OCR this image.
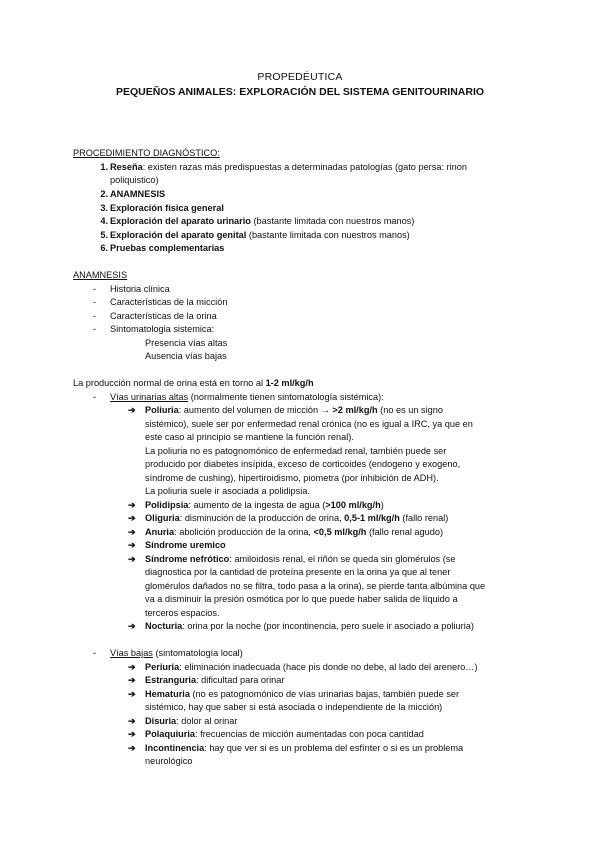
PROPEDÉUTICA
PEQUEÑOS ANIMALES: EXPLORACIÓN DEL SISTEMA GENITOURINARIO
PROCEDIMIENTO DIAGNÓSTICO:
1. Reseña: existen razas más predispuestas a determinadas patologías (gato persa: rinon
poliquistico)
2. ANAMNESIS
3. Exploración física general
4. Exploración del aparato urinario (bastante limitada con nuestros manos)
5. Exploración del aparato genital (bastante limitada con nuestros manos)
6. Pruebas complementarias
ANAMNESIS
- Historia clínica
- Características de la micción
- Características de la orina
- Sintomatologia sistemica:
Presencia vías altas
Ausencia vías bajas
La producción normal de orina está en torno al 1-2 ml/kg/h
- Vías urinarias altas (normalmente tienen sintomatología sistémica):
➔ Poliuria: aumento del volumen de micción → >2 ml/kg/h (no es un signo
sistémico), suele ser por enfermedad renal crónica (no es igual a IRC, ya que en
este caso al principio se mantiene la función renal).
La poliuria no es patognomónico de enfermedad renal, también puede ser
producido por diabetes insípida, exceso de corticoides (endogeno y exogeno,
síndrome de cushing), hipertiroidismo, piometra (por inhibición de ADH).
La poliuria suele ir asociada a polidipsia.
➔ Polidipsia: aumento de la ingesta de agua (>100 ml/kg/h)
➔ Oliguria: disminución de la producción de orina, 0,5-1 ml/kg/h (fallo renal)
➔ Anuria: abolición producción de la orina, <0,5 ml/kg/h (fallo renal agudo)
➔ Síndrome uremico
➔ Síndrome nefrótico: amiloidosis renal, el riñón se queda sin glomérulos (se
diagnostica por la cantidad de proteína presente en la orina ya que al tener
glomérulos dañados no se filtra, todo pasa a la orina), se pierde tanta albúmina que
va a disminuir la presión osmótica por lo que puede haber salida de líquido a
terceros espacios.
➔ Nocturia: orina por la noche (por incontinencia, pero suele ir asociado a poliuria)
- Vías bajas (sintomatología local)
➔ Periuria: eliminación inadecuada (hace pis donde no debe, al lado del arenero…)
➔ Estranguria: dificultad para orinar
➔ Hematuria (no es patognomónico de vías urinarias bajas, también puede ser
sistémico, hay que saber si está asociada o independiente de la micción)
➔ Disuria: dolor al orinar
➔ Polaquiuria: frecuencias de micción aumentadas con poca cantidad
➔ Incontinencia: hay que ver si es un problema del esfínter o si es un problema
neurológico
